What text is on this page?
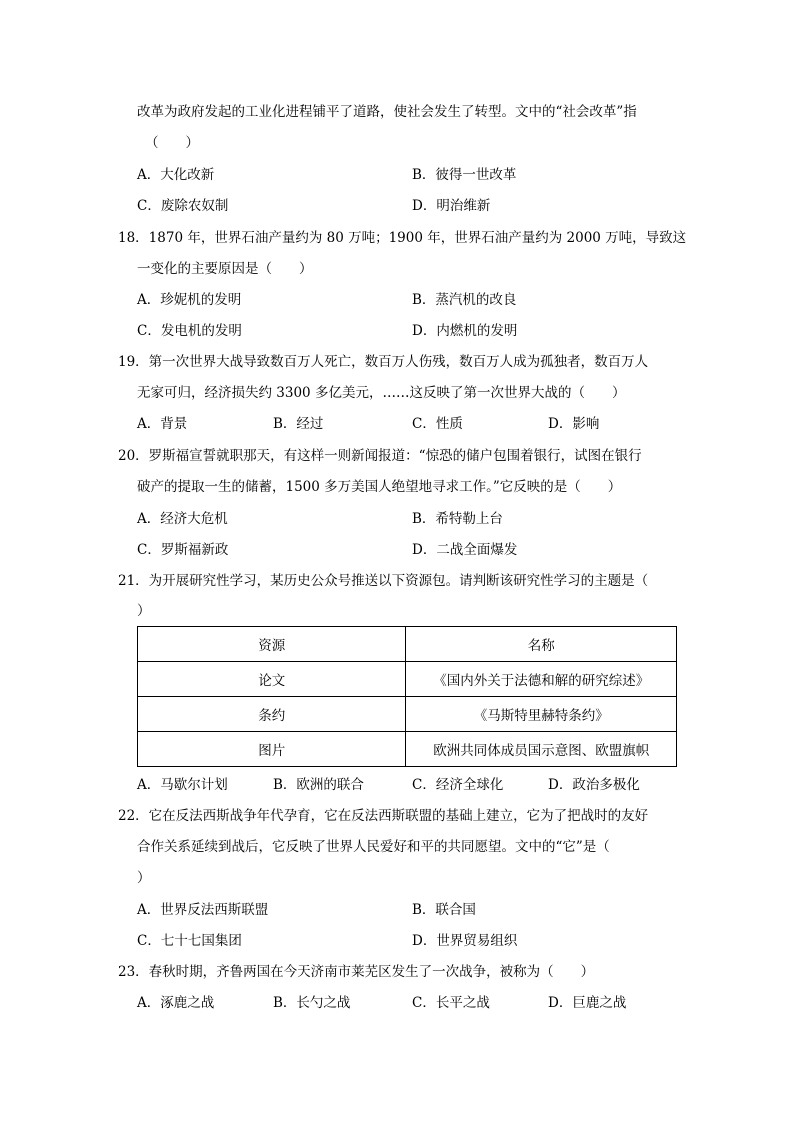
改革为政府发起的工业化进程铺平了道路，使社会发生了转型。文中的“社会改革”指
（　　）
A．大化改新	B．彼得一世改革
C．废除农奴制	D．明治维新
18．1870 年，世界石油产量约为 80 万吨；1900 年，世界石油产量约为 2000 万吨，导致这
一变化的主要原因是（　　）
A．珍妮机的发明	B．蒸汽机的改良
C．发电机的发明	D．内燃机的发明
19．第一次世界大战导致数百万人死亡，数百万人伤残，数百万人成为孤独者，数百万人
无家可归，经济损失约 3300 多亿美元，……这反映了第一次世界大战的（　　）
A．背景	B．经过	C．性质	D．影响
20．罗斯福宣誓就职那天，有这样一则新闻报道：“惊恐的储户包围着银行，试图在银行
破产的提取一生的储蓄，1500 多万美国人绝望地寻求工作。”它反映的是（　　）
A．经济大危机	B．希特勒上台
C．罗斯福新政	D．二战全面爆发
21．为开展研究性学习，某历史公众号推送以下资源包。请判断该研究性学习的主题是（
）
资源	名称
论文	《国内外关于法德和解的研究综述》
条约	《马斯特里赫特条约》
图片	欧洲共同体成员国示意图、欧盟旗帜
A．马歇尔计划	B．欧洲的联合	C．经济全球化	D．政治多极化
22．它在反法西斯战争年代孕育，它在反法西斯联盟的基础上建立，它为了把战时的友好
合作关系延续到战后，它反映了世界人民爱好和平的共同愿望。文中的“它”是（
）
A．世界反法西斯联盟	B．联合国
C．七十七国集团	D．世界贸易组织
23．春秋时期，齐鲁两国在今天济南市莱芜区发生了一次战争，被称为（　　）
A．涿鹿之战	B．长勺之战	C．长平之战	D．巨鹿之战
